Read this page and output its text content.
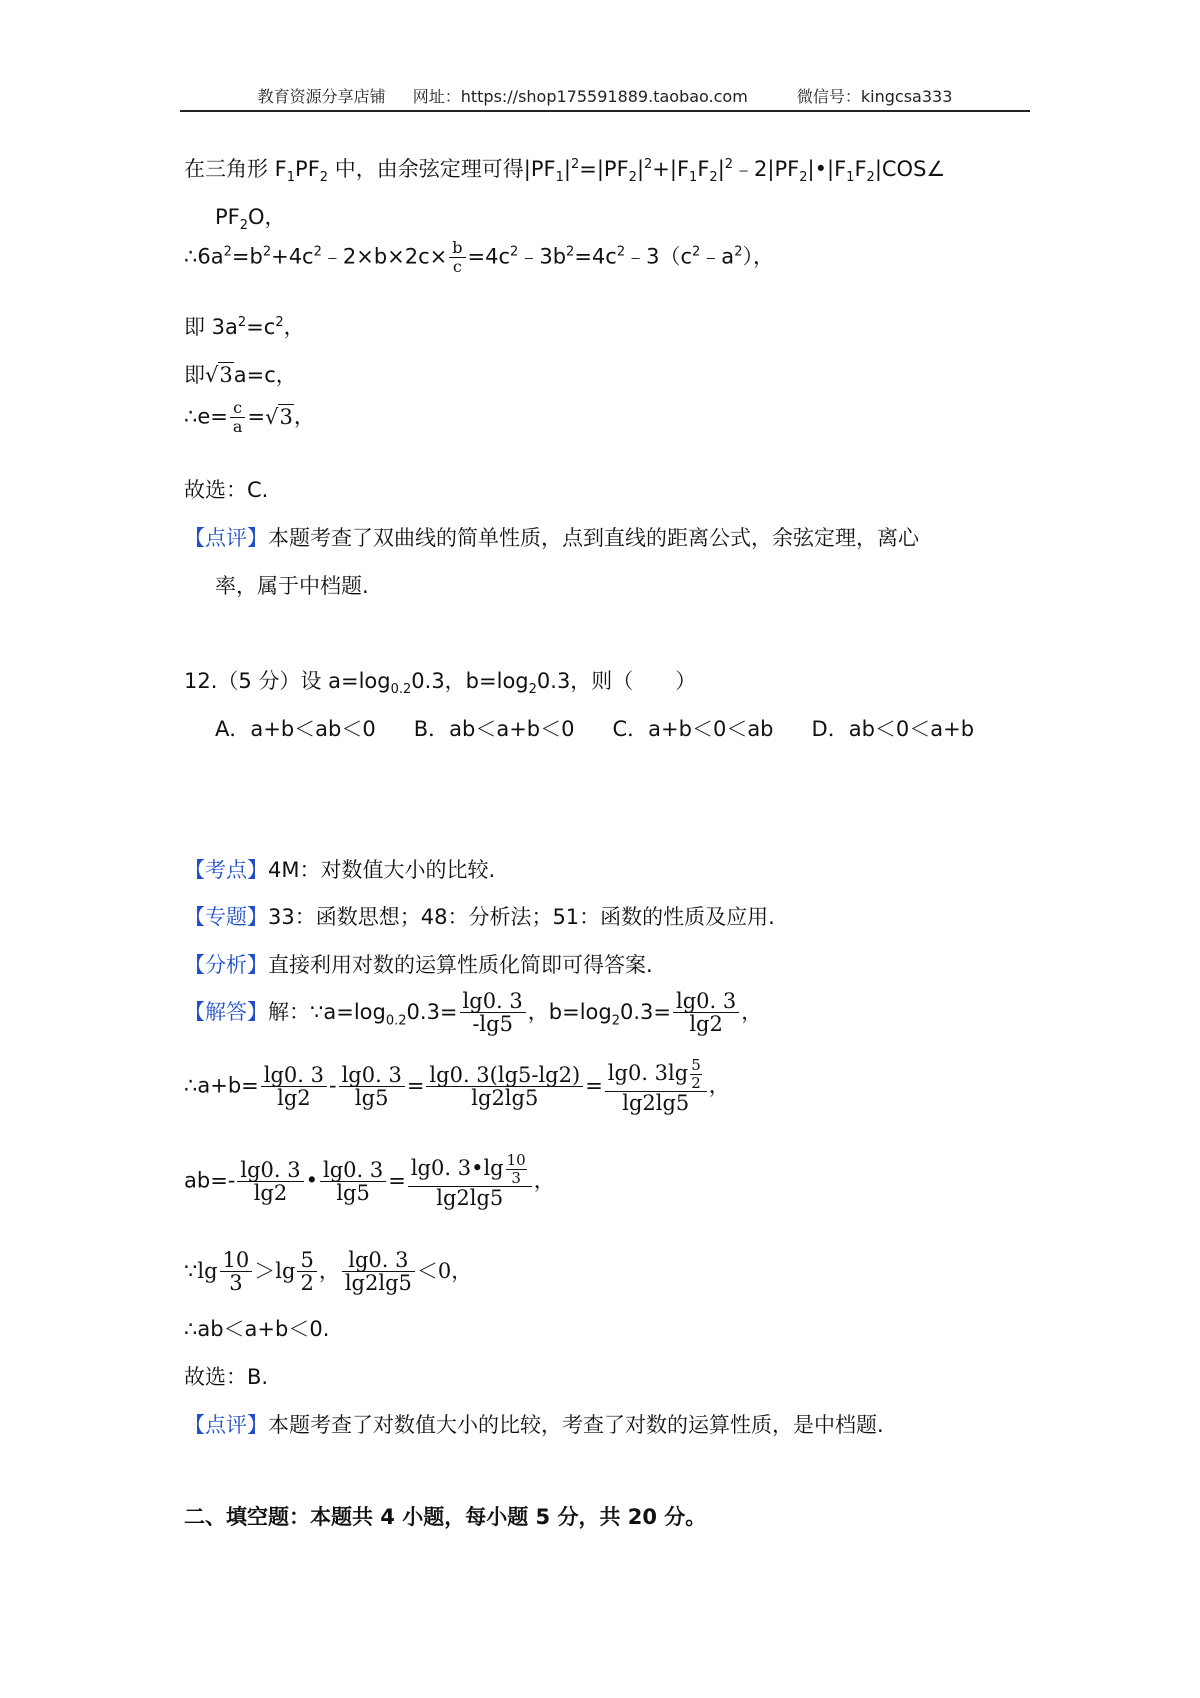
教育资源分享店铺 网址：https://shop175591889.taobao.com	微信号：kingcsa333
在三角形 $F_1PF_2$ 中，由余弦定理可得$|PF_1|^2=|PF_2|^2+|F_1F_2|^2﹣2|PF_2|•|F_1F_2|COS\angle$
$PF_2O$，
$\therefore 6a^2=b^2+4c^2﹣2\times b\times 2c\times \frac{b}{c}$ $=4c^2﹣3b^2=4c^2﹣3(c^2﹣a^2)$，
即 $3a^2=c^2$，
即√3a=c，
∴e= $\frac{c}{a} =√3$，
故选：C.
【点评】本题考查了双曲线的简单性质，点到直线的距离公式，余弦定理，离心
率，属于中档题.
12.（5 分）设 $a=\log_{0.2}0.3$，$b=\log_20.3$，则（　　）
A．a+b＜ab＜0 B．ab＜a+b＜0 C．a+b＜0＜ab D．ab＜0＜a+b
【考点】4M：对数值大小的比较.
【专题】33：函数思想；48：分析法；51：函数的性质及应用.
【分析】直接利用对数的运算性质化简即可得答案.
【解答】解：$\because a=\log_{0.2}0.3= \frac{\lg 0. 3}{-\lg 5}$ ，$b=\log_20.3= \frac{\lg 0. 3}{\lg 2}$ ，
∴a+b= $\frac{\lg 0. 3}{\lg 2} - \frac{\lg 0. 3}{\lg 5} = \frac{\lg 0. 3(\lg 5-\lg 2)}{\lg 2\lg 5} = \frac{\lg 0. 3\lg \frac{5}{2}}{\lg 2\lg 5}$ ，
$ab=- \frac{\lg 0. 3}{\lg 2}$ • $\frac{\lg 0. 3}{\lg 5} = \frac{\lg 0. 3•\lg \frac{10}{3}}{\lg 2\lg 5}$ ，
∵lg $\frac{10}{3} >\lg \frac{5}{2}$ ， $\frac{\lg 0. 3}{\lg 2\lg 5} <0$，
∴ab＜a+b＜0.
故选：B.
【点评】本题考查了对数值大小的比较，考查了对数的运算性质，是中档题.
二、填空题：本题共 4 小题，每小题 5 分，共 20 分。
